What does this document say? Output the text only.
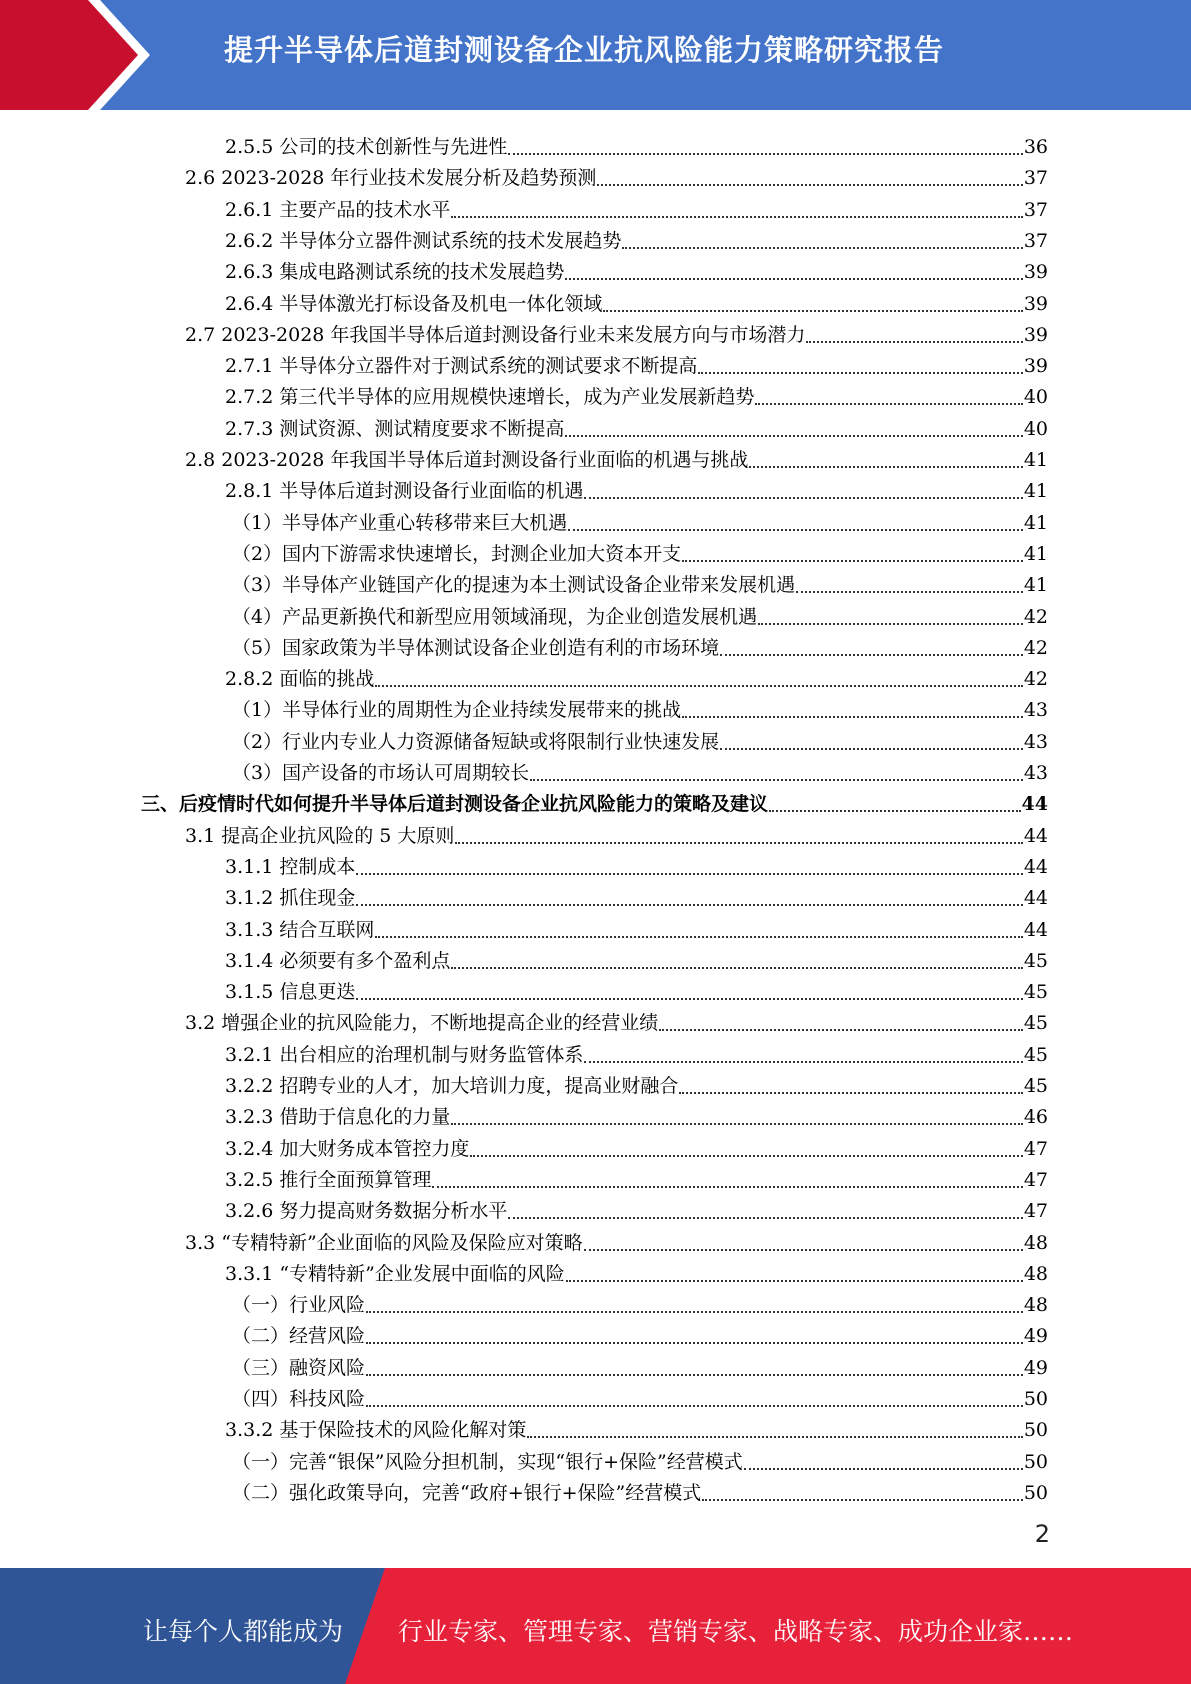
提升半导体后道封测设备企业抗风险能力策略研究报告
2.5.5 公司的技术创新性与先进性	36
2.6 2023-2028 年行业技术发展分析及趋势预测	37
2.6.1 主要产品的技术水平	37
2.6.2 半导体分立器件测试系统的技术发展趋势	37
2.6.3 集成电路测试系统的技术发展趋势	39
2.6.4 半导体激光打标设备及机电一体化领域	39
2.7 2023-2028 年我国半导体后道封测设备行业未来发展方向与市场潜力	39
2.7.1 半导体分立器件对于测试系统的测试要求不断提高	39
2.7.2 第三代半导体的应用规模快速增长，成为产业发展新趋势	40
2.7.3 测试资源、测试精度要求不断提高	40
2.8 2023-2028 年我国半导体后道封测设备行业面临的机遇与挑战	41
2.8.1 半导体后道封测设备行业面临的机遇	41
（1）半导体产业重心转移带来巨大机遇	41
（2）国内下游需求快速增长，封测企业加大资本开支	41
（3）半导体产业链国产化的提速为本土测试设备企业带来发展机遇	41
（4）产品更新换代和新型应用领域涌现，为企业创造发展机遇	42
（5）国家政策为半导体测试设备企业创造有利的市场环境	42
2.8.2 面临的挑战	42
（1）半导体行业的周期性为企业持续发展带来的挑战	43
（2）行业内专业人力资源储备短缺或将限制行业快速发展	43
（3）国产设备的市场认可周期较长	43
三、后疫情时代如何提升半导体后道封测设备企业抗风险能力的策略及建议	44
3.1 提高企业抗风险的 5 大原则	44
3.1.1 控制成本	44
3.1.2 抓住现金	44
3.1.3 结合互联网	44
3.1.4 必须要有多个盈利点	45
3.1.5 信息更迭	45
3.2 增强企业的抗风险能力，不断地提高企业的经营业绩	45
3.2.1 出台相应的治理机制与财务监管体系	45
3.2.2 招聘专业的人才，加大培训力度，提高业财融合	45
3.2.3 借助于信息化的力量	46
3.2.4 加大财务成本管控力度	47
3.2.5 推行全面预算管理	47
3.2.6 努力提高财务数据分析水平	47
3.3 “专精特新”企业面临的风险及保险应对策略	48
3.3.1 “专精特新”企业发展中面临的风险	48
（一）行业风险	48
（二）经营风险	49
（三）融资风险	49
（四）科技风险	50
3.3.2 基于保险技术的风险化解对策	50
（一）完善“银保”风险分担机制，实现“银行+保险”经营模式	50
（二）强化政策导向，完善“政府+银行+保险”经营模式	50
2
让每个人都能成为 行业专家、管理专家、营销专家、战略专家、成功企业家……
